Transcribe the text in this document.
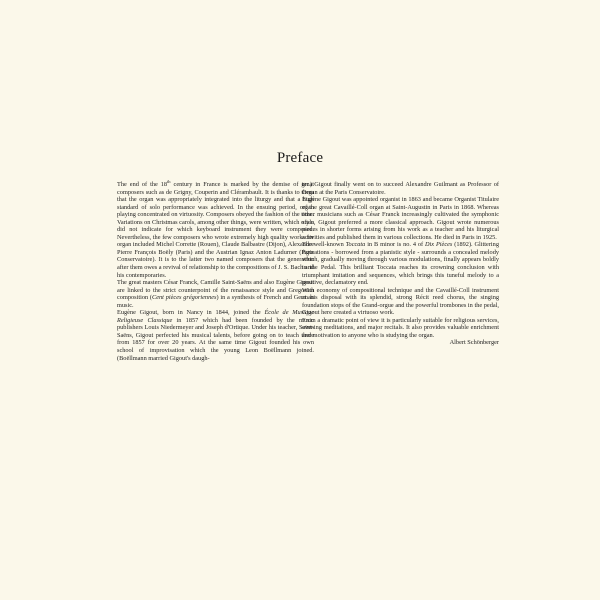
Preface

The end of the 18th century in France is marked by the demise of great composers such as de Grigny, Couperin and Clérambault. It is thanks to them that the organ was appropriately integrated into the liturgy and that a high standard of solo performance was achieved. In the ensuing period, organ playing concentrated on virtuosity. Composers obeyed the fashion of the time. Variations on Christmas carols, among other things, were written, which often did not indicate for which keyboard instrument they were composed. Nevertheless, the few composers who wrote extremely high quality works for organ included Michel Corrette (Rouen), Claude Balbastre (Dijon), Alexandre Pierre François Boëly (Paris) and the Austrian Ignaz Anton Ladurner (Paris Conservatoire). It is to the latter two named composers that the generation after them owes a revival of relationship to the compositions of J. S. Bach and his contemporaries.

The great masters César Franck, Camille Saint-Saëns and also Eugène Gigout are linked to the strict counterpoint of the renaissance style and Gregorian composition (Cent pièces grégoriennes) in a synthesis of French and German music.

Eugène Gigout, born in Nancy in 1844, joined the École de Musique Religieuse Classique in 1857 which had been founded by the music publishers Louis Niedermeyer and Joseph d'Ortique. Under his teacher, Saint-Saëns, Gigout perfected his musical talents, before going on to teach there from 1857 for over 20 years. At the same time Gigout founded his own school of improvisation which the young Leon Boëllmann joined. (Boëllmann married Gigout's daugh-

ter.) Gigout finally went on to succeed Alexandre Guilmant as Professor of Organ at the Paris Conservatoire.

Eugène Gigout was appointed organist in 1863 and became Organist Titulaire of the great Cavaillé-Coll organ at Saint-Augustin in Paris in 1868. Whereas other musicians such as César Franck increasingly cultivated the symphonic style, Gigout preferred a more classical approach. Gigout wrote numerous pieces in shorter forms arising from his work as a teacher and his liturgical activities and published them in various collections. He died in Paris in 1925.

The well-known Toccata in B minor is no. 4 of Dix Pièces (1892). Glittering figurations - borrowed from a pianistic style - surrounds a concealed melody which, gradually moving through various modulations, finally appears boldly in the Pedal. This brilliant Toccata reaches its crowning conclusion with triumphant imitation and sequences, which brings this tuneful melody to a positive, declamatory end.

With economy of compositional technique and the Cavaillé-Coll instrument at his disposal with its splendid, strong Récit reed chorus, the singing foundation stops of the Grand-orgue and the powerful trombones in the pedal, Gigout here created a virtuoso work.

From a dramatic point of view it is particularly suitable for religious services, evening meditations, and major recitals. It also provides valuable enrichment and motivation to anyone who is studying the organ.

Albert Schönberger
